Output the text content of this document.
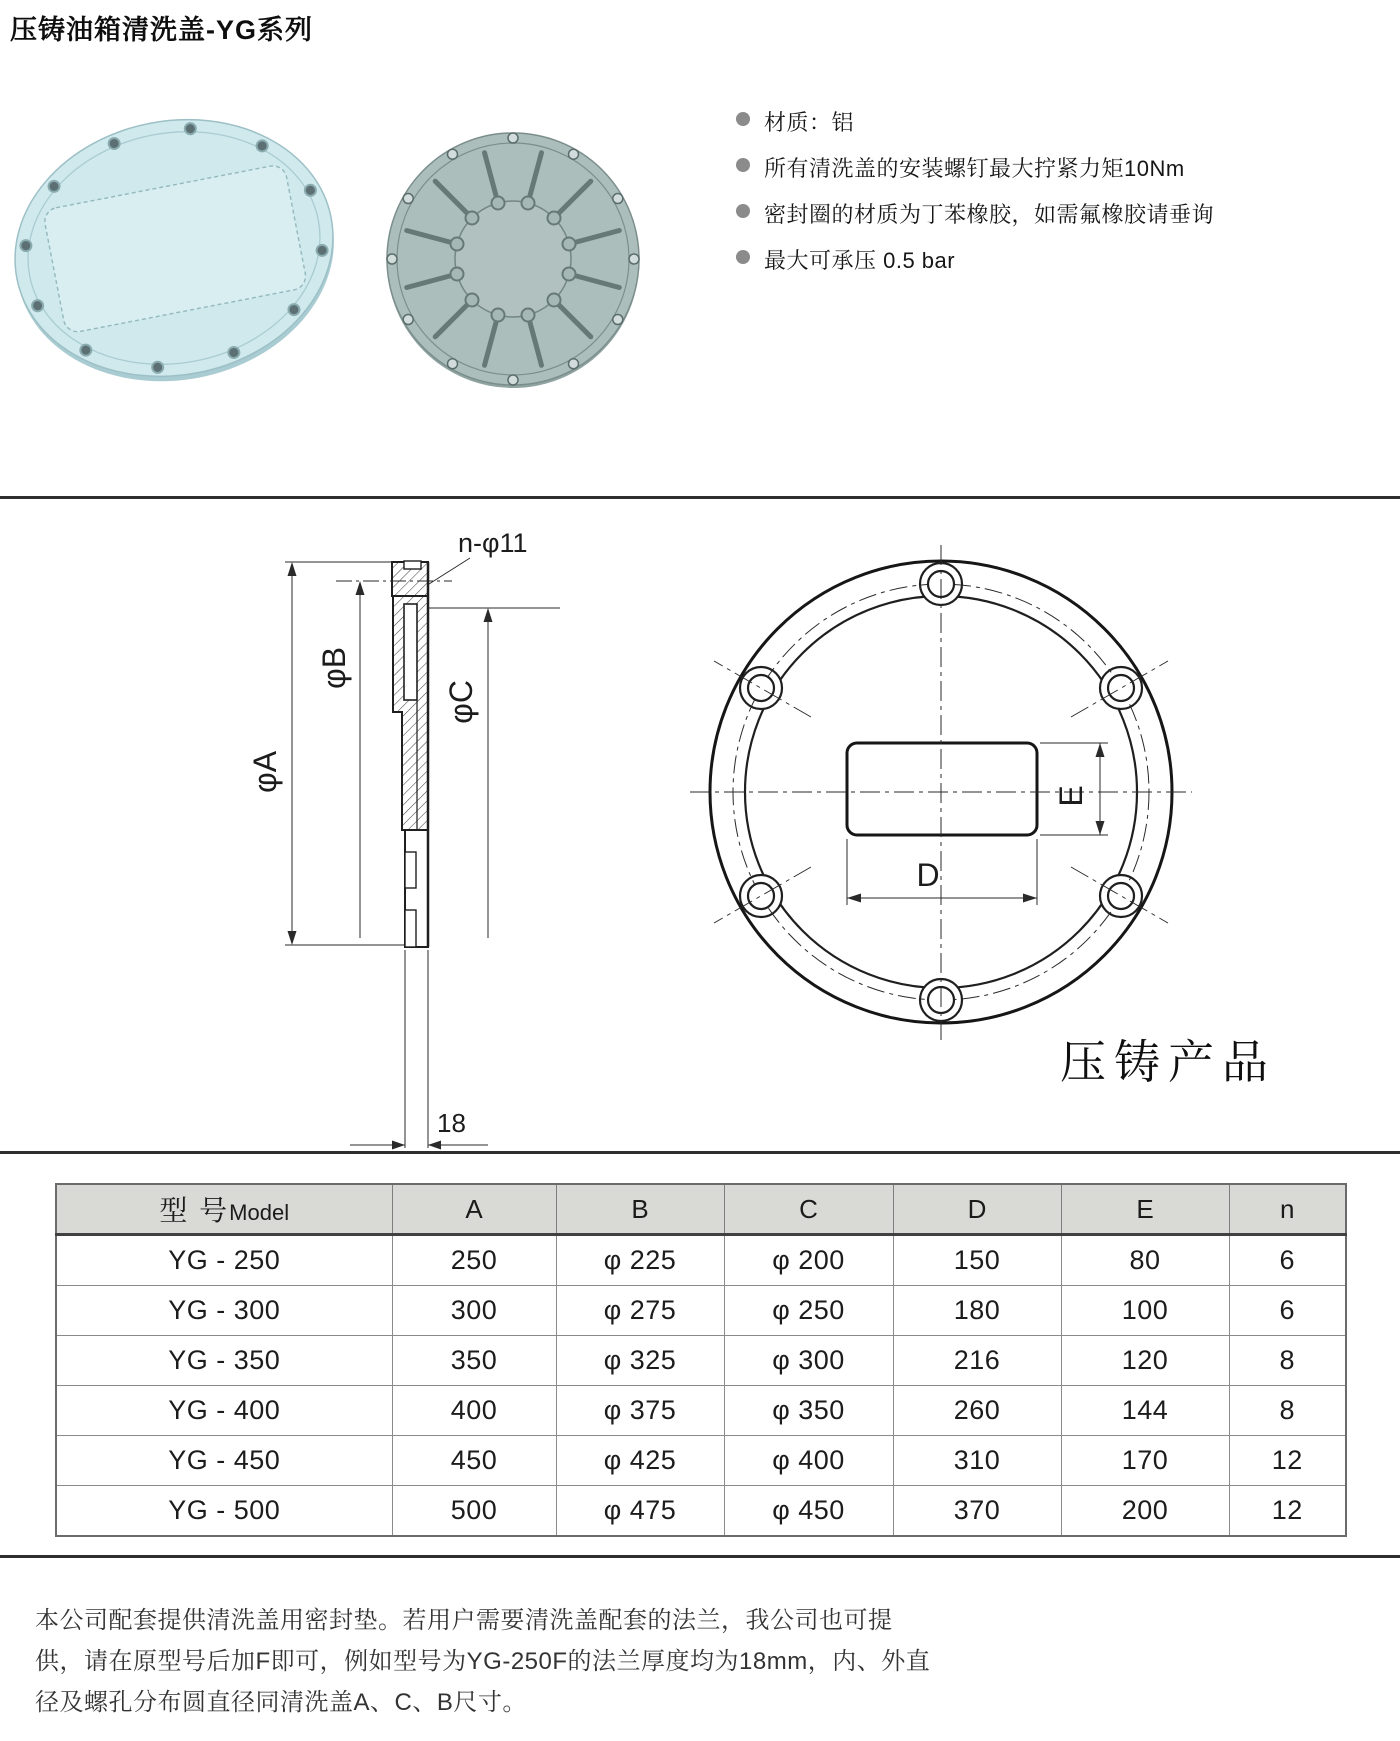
压铸油箱清洗盖-YG系列
材质：铝
所有清洗盖的安装螺钉最大拧紧力矩10Nm
密封圈的材质为丁苯橡胶，如需氟橡胶请垂询
最大可承压 0.5 bar
φA
φB
φC
n-φ11
18
D
E
压铸产品
型 号Model	A	B	C	D	E	n
YG - 250	250	φ 225	φ 200	150	80	6
YG - 300	300	φ 275	φ 250	180	100	6
YG - 350	350	φ 325	φ 300	216	120	8
YG - 400	400	φ 375	φ 350	260	144	8
YG - 450	450	φ 425	φ 400	310	170	12
YG - 500	500	φ 475	φ 450	370	200	12
本公司配套提供清洗盖用密封垫。若用户需要清洗盖配套的法兰，我公司也可提
供，请在原型号后加F即可，例如型号为YG-250F的法兰厚度均为18mm，内、外直
径及螺孔分布圆直径同清洗盖A、C、B尺寸。
